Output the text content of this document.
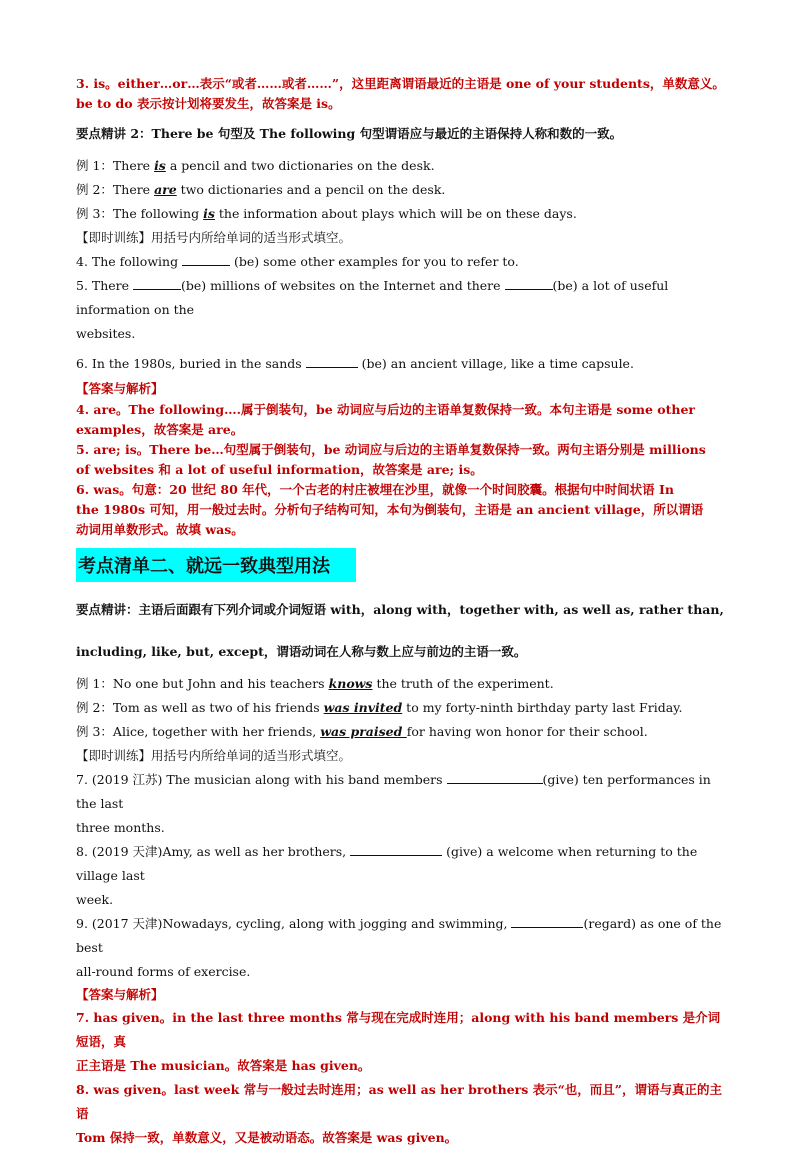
3. is。either…or…表示“或者……或者……”，这里距离谓语最近的主语是 one of your students，单数意义。

be to do 表示按计划将要发生，故答案是 is。

要点精讲 2：There be 句型及 The following 句型谓语应与最近的主语保持人称和数的一致。

例 1：There is a pencil and two dictionaries on the desk.

例 2：There are two dictionaries and a pencil on the desk.

例 3：The following is the information about plays which will be on these days.

【即时训练】用括号内所给单词的适当形式填空。

4. The following	(be) some other examples for you to refer to.

5. There	(be) millions of websites on the Internet and there	(be) a lot of useful information on the

websites.

6. In the 1980s, buried in the sands	(be) an ancient village, like a time capsule.

【答案与解析】

4. are。The following….属于倒装句，be 动词应与后边的主语单复数保持一致。本句主语是 some other

examples，故答案是 are。

5. are; is。There be…句型属于倒装句，be 动词应与后边的主语单复数保持一致。两句主语分别是 millions

of websites 和 a lot of useful information，故答案是 are; is。

6. was。句意：20 世纪 80 年代，一个古老的村庄被埋在沙里，就像一个时间胶囊。根据句中时间状语 In

the 1980s 可知，用一般过去时。分析句子结构可知，本句为倒装句，主语是 an ancient village，所以谓语

动词用单数形式。故填 was。

考点清单二、就远一致典型用法

要点精讲：主语后面跟有下列介词或介词短语 with，along with，together with, as well as, rather than,

including, like, but, except，谓语动词在人称与数上应与前边的主语一致。

例 1：No one but John and his teachers knows the truth of the experiment.

例 2：Tom as well as two of his friends was invited to my forty-ninth birthday party last Friday.

例 3：Alice, together with her friends, was praised for having won honor for their school.

【即时训练】用括号内所给单词的适当形式填空。

7. (2019 江苏) The musician along with his band members	(give) ten performances in the last

three months.

8. (2019 天津)Amy, as well as her brothers,	(give) a welcome when returning to the village last

week.

9. (2017 天津)Nowadays, cycling, along with jogging and swimming,	(regard) as one of the best

all-round forms of exercise.

【答案与解析】

7. has given。in the last three months 常与现在完成时连用；along with his band members 是介词短语，真

正主语是 The musician。故答案是 has given。

8. was given。last week 常与一般过去时连用；as well as her brothers 表示“也，而且”，谓语与真正的主语

Tom 保持一致，单数意义，又是被动语态。故答案是 was given。
